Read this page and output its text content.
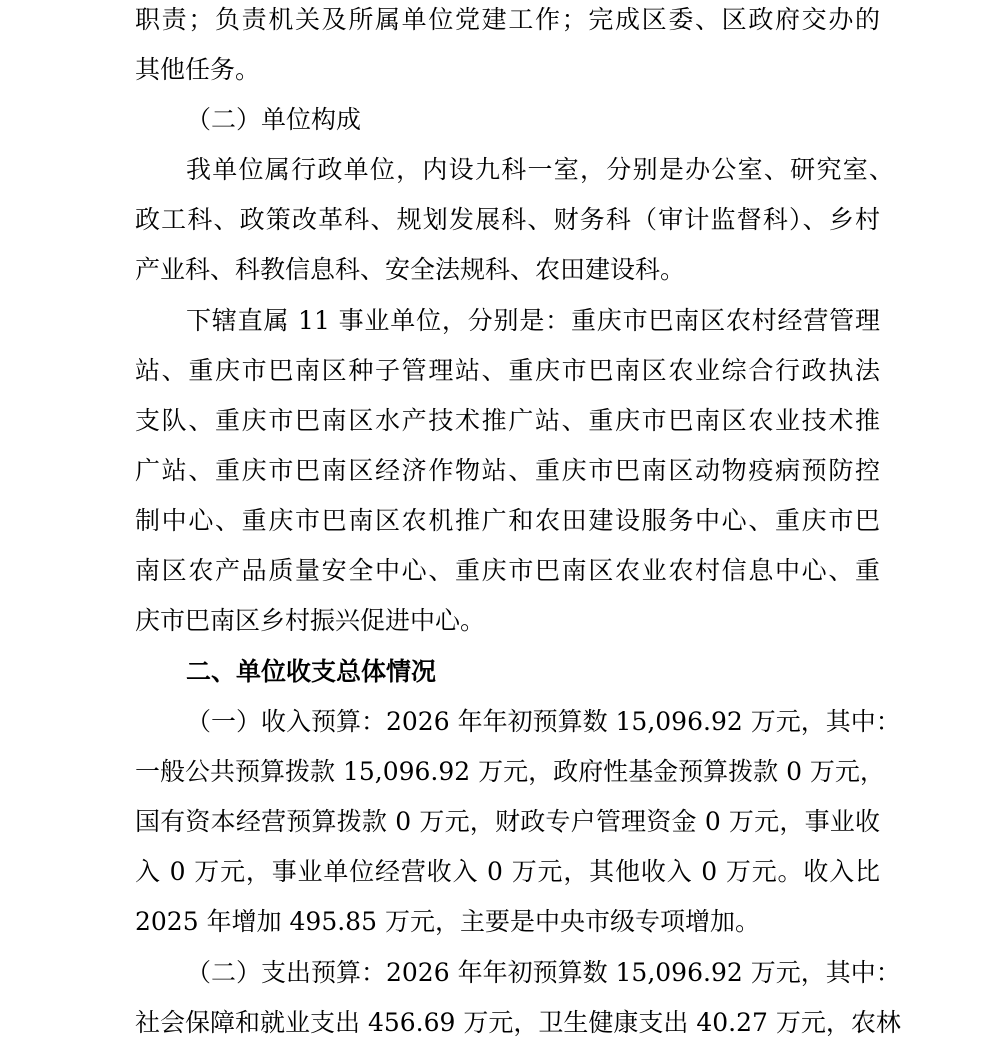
职责；负责机关及所属单位党建工作；完成区委、区政府交办的
其他任务。
（二）单位构成
我单位属行政单位，内设九科一室，分别是办公室、研究室、
政工科、政策改革科、规划发展科、财务科（审计监督科）、乡村
产业科、科教信息科、安全法规科、农田建设科。
下辖直属 11 事业单位，分别是：重庆市巴南区农村经营管理
站、重庆市巴南区种子管理站、重庆市巴南区农业综合行政执法
支队、重庆市巴南区水产技术推广站、重庆市巴南区农业技术推
广站、重庆市巴南区经济作物站、重庆市巴南区动物疫病预防控
制中心、重庆市巴南区农机推广和农田建设服务中心、重庆市巴
南区农产品质量安全中心、重庆市巴南区农业农村信息中心、重
庆市巴南区乡村振兴促进中心。
二、单位收支总体情况
（一）收入预算：2026 年年初预算数 15,096.92 万元，其中：
一般公共预算拨款 15,096.92 万元，政府性基金预算拨款 0 万元，
国有资本经营预算拨款 0 万元，财政专户管理资金 0 万元，事业收
入 0 万元，事业单位经营收入 0 万元，其他收入 0 万元。收入比
2025 年增加 495.85 万元，主要是中央市级专项增加。
（二）支出预算：2026 年年初预算数 15,096.92 万元，其中：
社会保障和就业支出 456.69 万元，卫生健康支出 40.27 万元，农林
